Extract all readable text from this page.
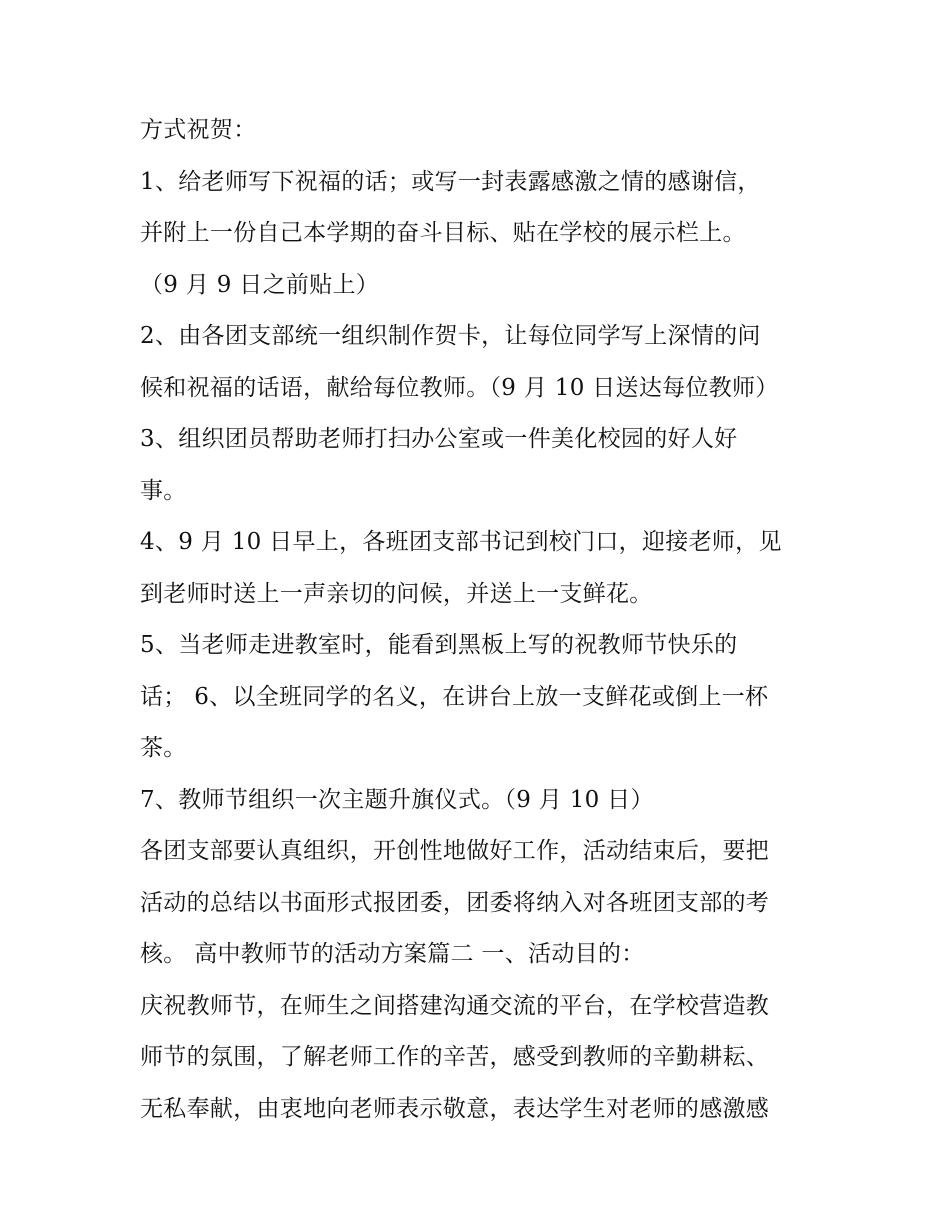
方式祝贺：
1、给老师写下祝福的话；或写一封表露感激之情的感谢信，
并附上一份自己本学期的奋斗目标、贴在学校的展示栏上。
（9 月 9 日之前贴上）
2、由各团支部统一组织制作贺卡，让每位同学写上深情的问
候和祝福的话语，献给每位教师。（9 月 10 日送达每位教师）
3、组织团员帮助老师打扫办公室或一件美化校园的好人好
事。
4、9 月 10 日早上，各班团支部书记到校门口，迎接老师，见
到老师时送上一声亲切的问候，并送上一支鲜花。
5、当老师走进教室时，能看到黑板上写的祝教师节快乐的
话； 6、以全班同学的名义，在讲台上放一支鲜花或倒上一杯
茶。
7、教师节组织一次主题升旗仪式。（9 月 10 日）
各团支部要认真组织，开创性地做好工作，活动结束后，要把
活动的总结以书面形式报团委，团委将纳入对各班团支部的考
核。 高中教师节的活动方案篇二 一、活动目的：
庆祝教师节，在师生之间搭建沟通交流的平台，在学校营造教
师节的氛围，了解老师工作的辛苦，感受到教师的辛勤耕耘、
无私奉献，由衷地向老师表示敬意，表达学生对老师的感激感
